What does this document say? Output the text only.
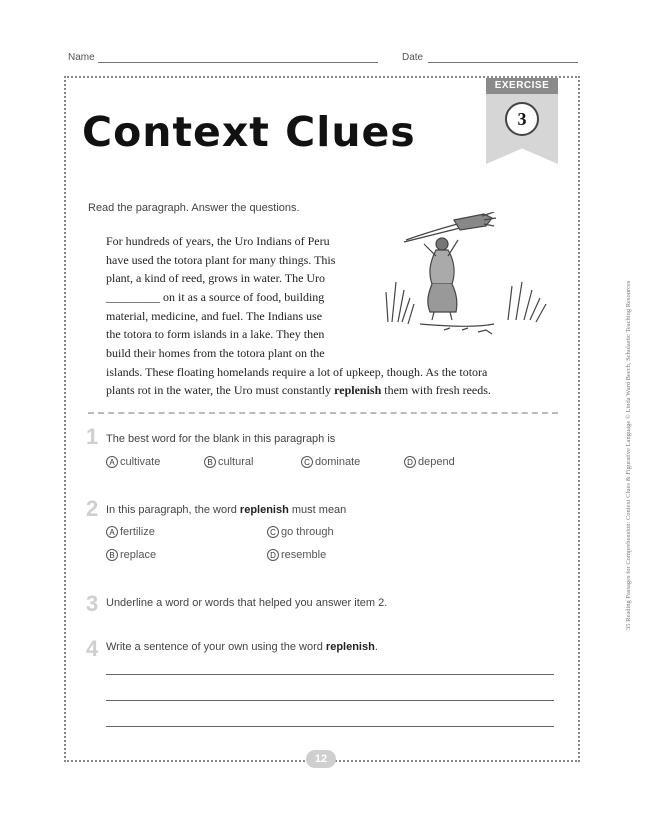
Name	Date
EXERCISE
3
Context Clues
Read the paragraph. Answer the questions.
For hundreds of years, the Uro Indians of Peru
have used the totora plant for many things. This
plant, a kind of reed, grows in water. The Uro
_________ on it as a source of food, building
material, medicine, and fuel. The Indians use
the totora to form islands in a lake. They then
build their homes from the totora plant on the
islands. These floating homelands require a lot of upkeep, though. As the totora
plants rot in the water, the Uro must constantly replenish them with fresh reeds.
1 The best word for the blank in this paragraph is
A cultivate	B cultural	C dominate	D depend
2 In this paragraph, the word replenish must mean
A fertilize	C go through
B replace	D resemble
3 Underline a word or words that helped you answer item 2.
4 Write a sentence of your own using the word replenish.
12
35 Reading Passages for Comprehension: Context Clues & Figurative Language © Linda Ward Beech, Scholastic Teaching Resources
